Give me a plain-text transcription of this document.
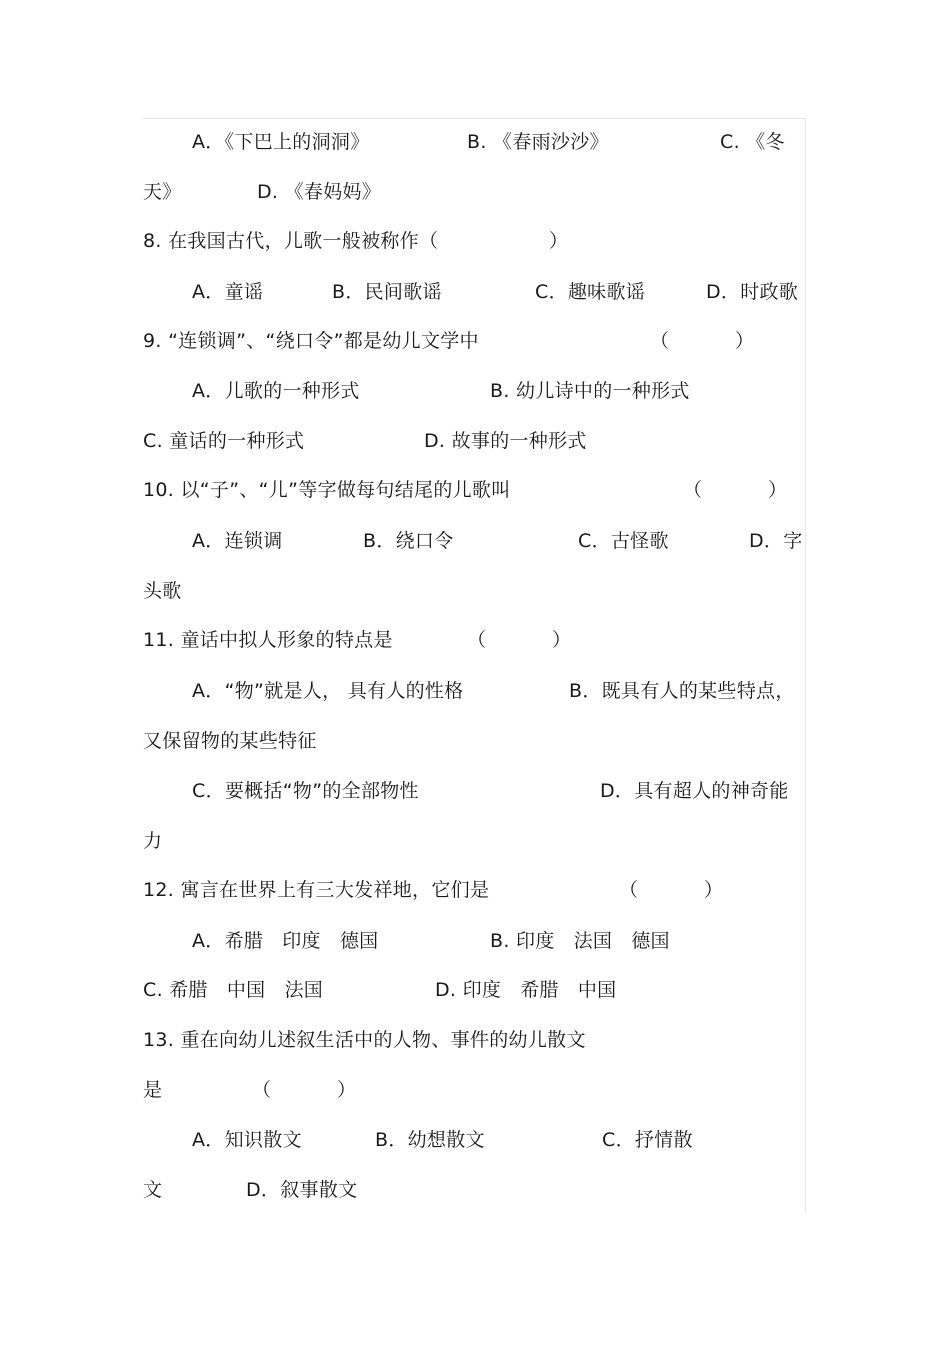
A．《下巴上的洞洞》	B. 《春雨沙沙》	C. 《冬
天》	D. 《春妈妈》
8. 在我国古代，儿歌一般被称作（	）
A．童谣	B．民间歌谣	C．趣味歌谣	D．时政歌
9. “连锁调”、“绕口令”都是幼儿文学中	（	）
A．儿歌的一种形式	B. 幼儿诗中的一种形式
C. 童话的一种形式	D. 故事的一种形式
10. 以“子”、“儿”等字做每句结尾的儿歌叫	（	）
A．连锁调	B．绕口令	C．古怪歌	D．字
头歌
11. 童话中拟人形象的特点是	（	）
A．“物”就是人， 具有人的性格	B．既具有人的某些特点，
又保留物的某些特征
C．要概括“物”的全部物性	D．具有超人的神奇能
力
12. 寓言在世界上有三大发祥地，它们是	（	）
A．希腊   印度   德国	B. 印度   法国   德国
C. 希腊   中国   法国	D. 印度   希腊   中国
13. 重在向幼儿述叙生活中的人物、事件的幼儿散文
是	（	）
A．知识散文	B．幼想散文	C．抒情散
文	D．叙事散文
